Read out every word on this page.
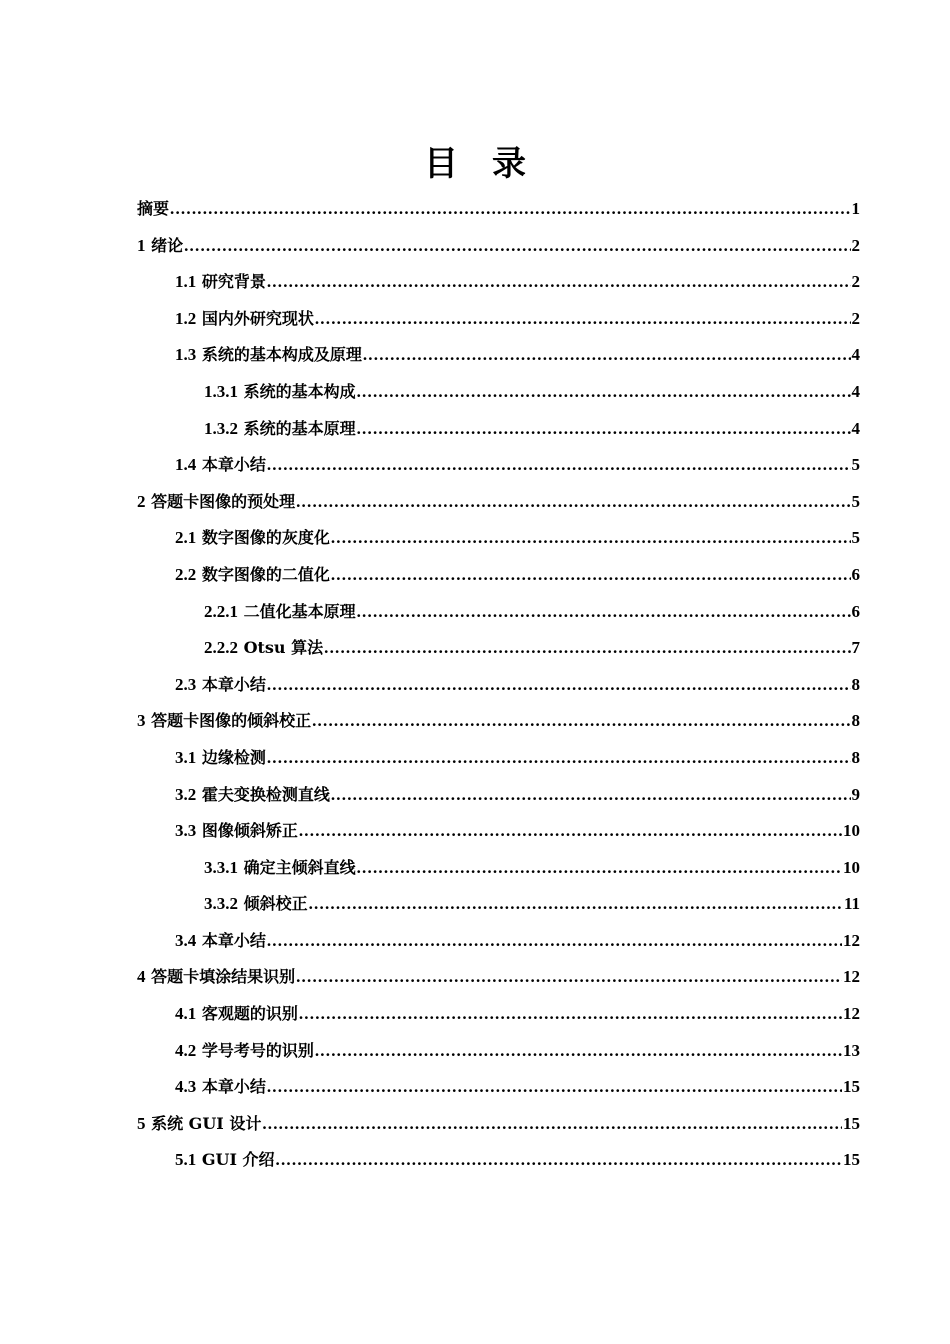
目 录
摘要 .....	1
1 绪论 .....	2
1.1 研究背景 .....	2
1.2 国内外研究现状 .....	2
1.3 系统的基本构成及原理 .....	4
1.3.1 系统的基本构成 .....	4
1.3.2 系统的基本原理 .....	4
1.4 本章小结 .....	5
2 答题卡图像的预处理 .....	5
2.1 数字图像的灰度化 .....	5
2.2 数字图像的二值化 .....	6
2.2.1 二值化基本原理 .....	6
2.2.2 Otsu 算法 .....	7
2.3 本章小结 .....	8
3 答题卡图像的倾斜校正 .....	8
3.1 边缘检测 .....	8
3.2 霍夫变换检测直线 .....	9
3.3 图像倾斜矫正 .....	10
3.3.1 确定主倾斜直线 .....	10
3.3.2 倾斜校正 .....	11
3.4 本章小结 .....	12
4 答题卡填涂结果识别 .....	12
4.1 客观题的识别 .....	12
4.2 学号考号的识别 .....	13
4.3 本章小结 .....	15
5 系统 GUI 设计 .....	15
5.1 GUI 介绍 .....	15
